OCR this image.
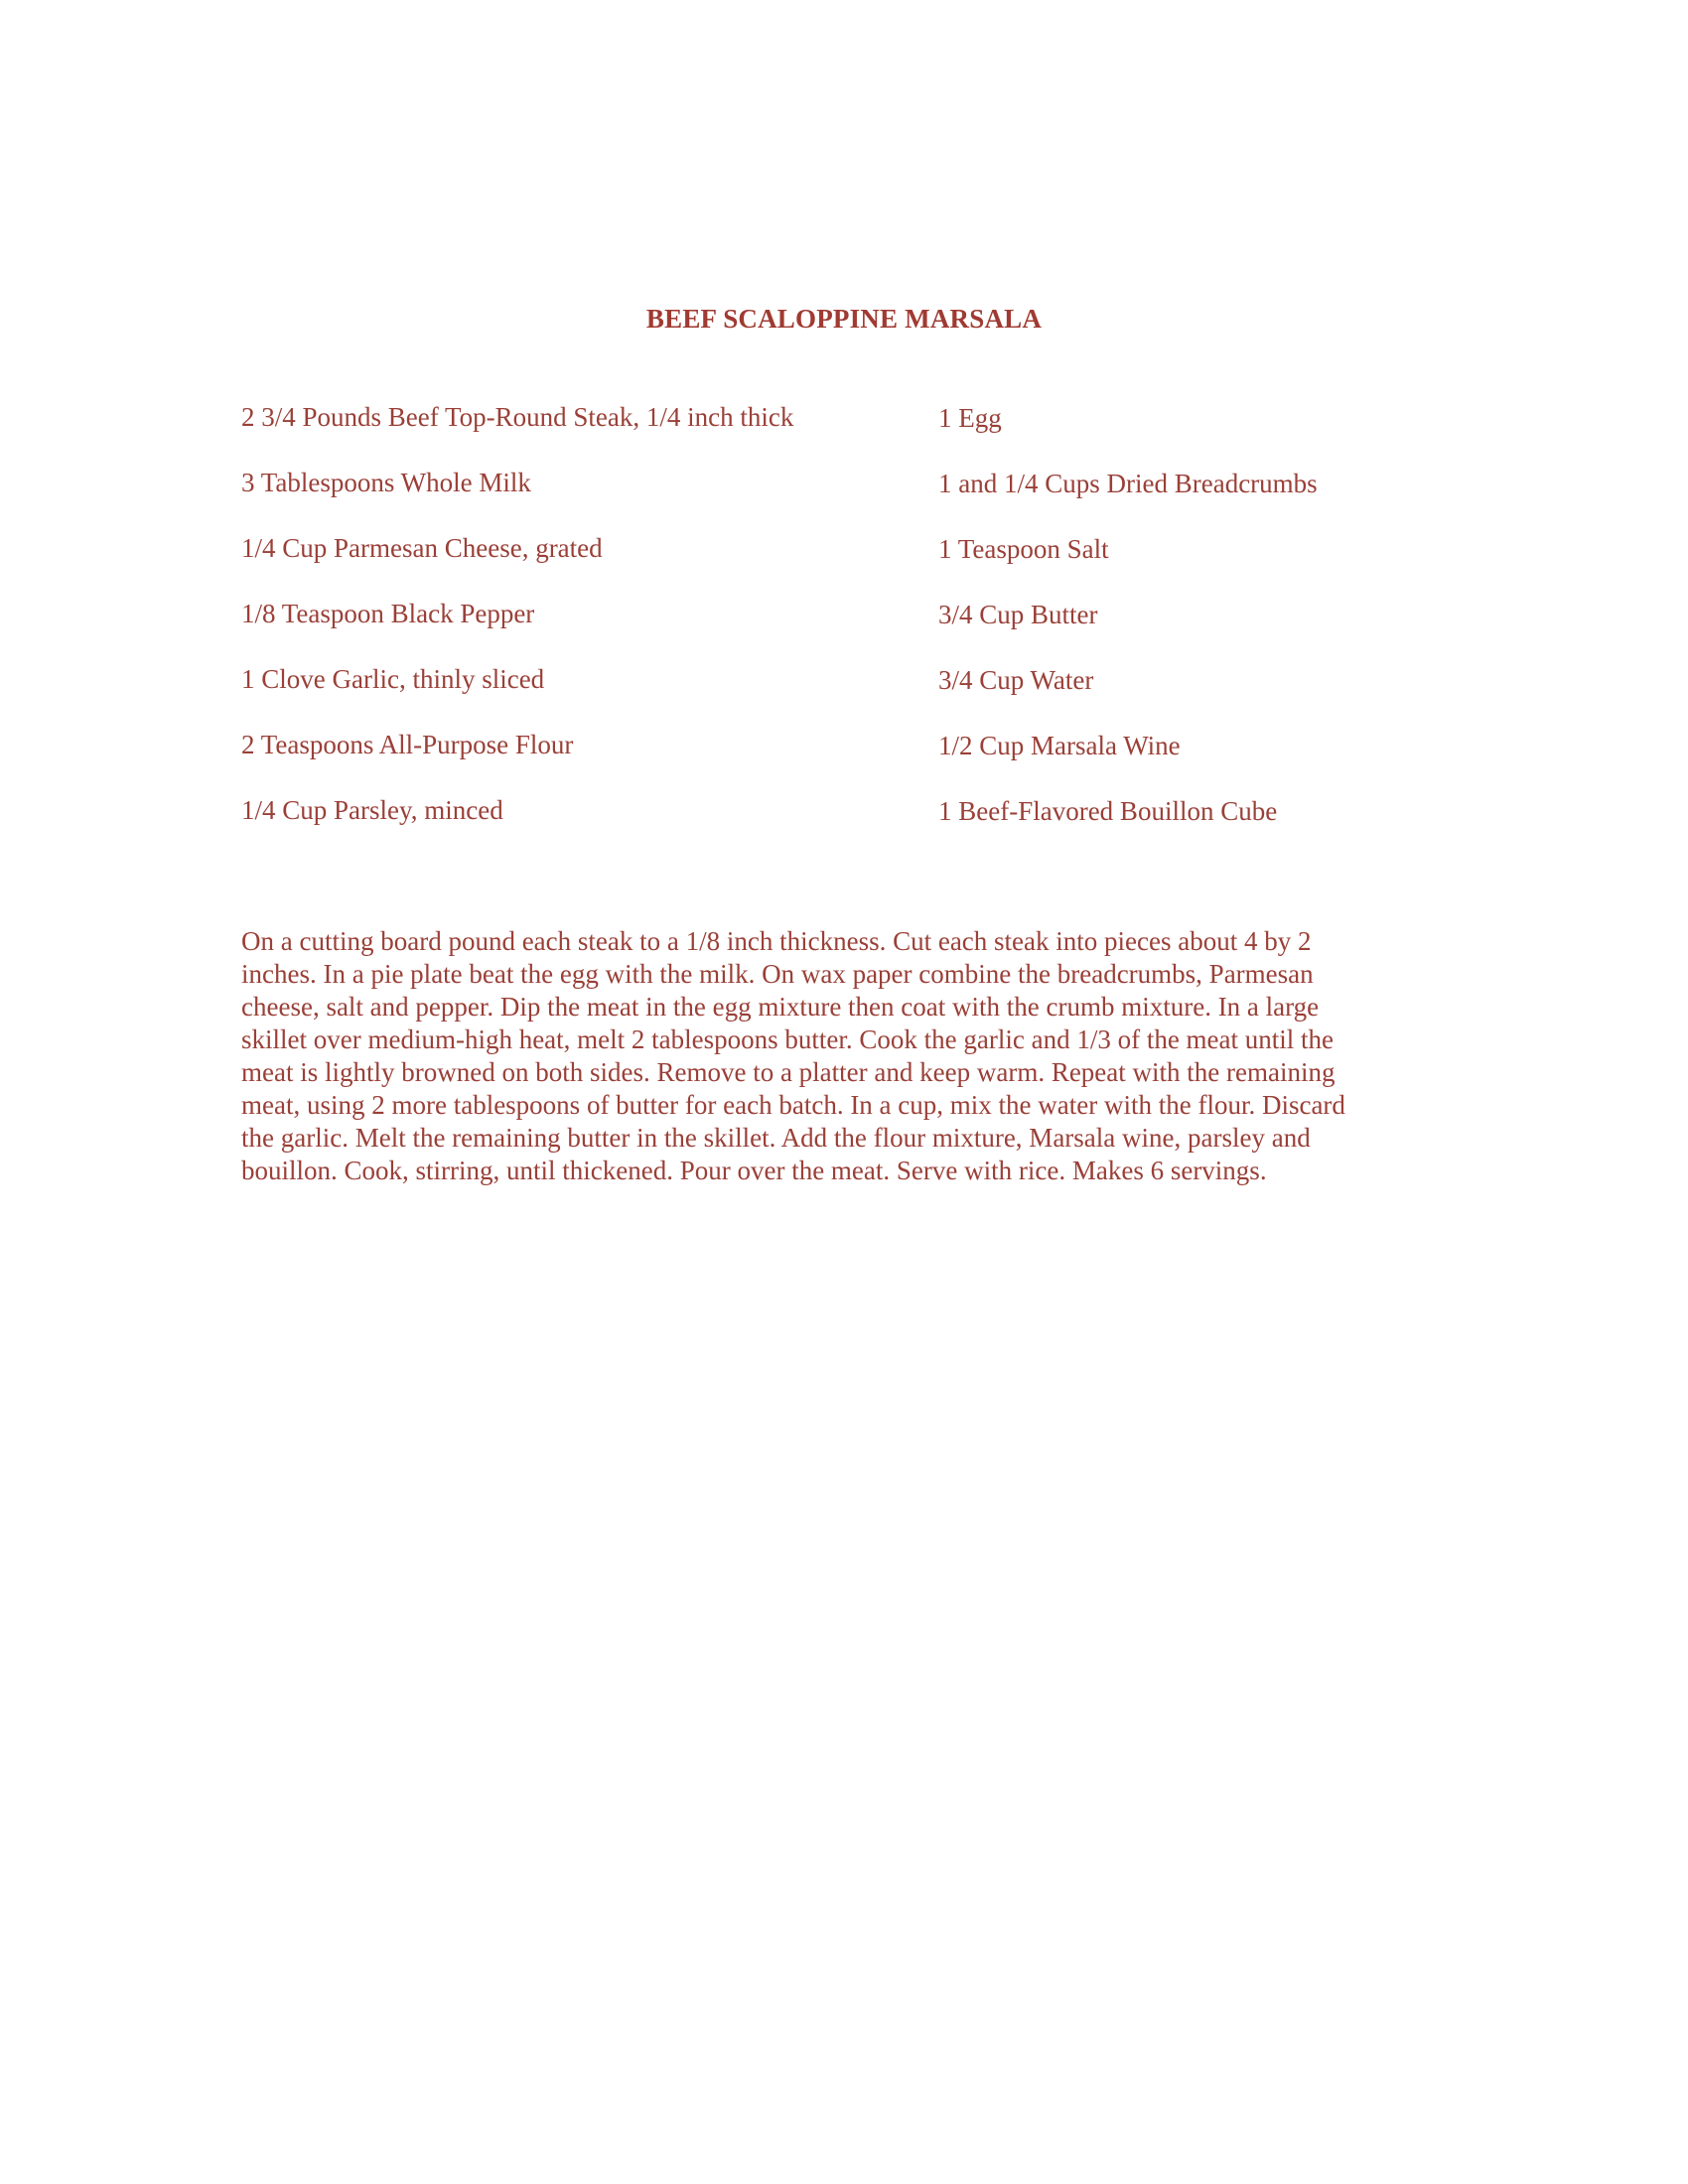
BEEF SCALOPPINE MARSALA
2 3/4 Pounds Beef Top-Round Steak, 1/4 inch thick
3 Tablespoons Whole Milk
1/4 Cup Parmesan Cheese, grated
1/8 Teaspoon Black Pepper
1 Clove Garlic, thinly sliced
2 Teaspoons All-Purpose Flour
1/4 Cup Parsley, minced
1 Egg
1 and 1/4 Cups Dried Breadcrumbs
1 Teaspoon Salt
3/4 Cup Butter
3/4 Cup Water
1/2 Cup Marsala Wine
1 Beef-Flavored Bouillon Cube

On a cutting board pound each steak to a 1/8 inch thickness. Cut each steak into pieces about 4 by 2
inches. In a pie plate beat the egg with the milk. On wax paper combine the breadcrumbs, Parmesan
cheese, salt and pepper. Dip the meat in the egg mixture then coat with the crumb mixture. In a large
skillet over medium-high heat, melt 2 tablespoons butter. Cook the garlic and 1/3 of the meat until the
meat is lightly browned on both sides. Remove to a platter and keep warm. Repeat with the remaining
meat, using 2 more tablespoons of butter for each batch. In a cup, mix the water with the flour. Discard
the garlic. Melt the remaining butter in the skillet. Add the flour mixture, Marsala wine, parsley and
bouillon. Cook, stirring, until thickened. Pour over the meat. Serve with rice. Makes 6 servings.
